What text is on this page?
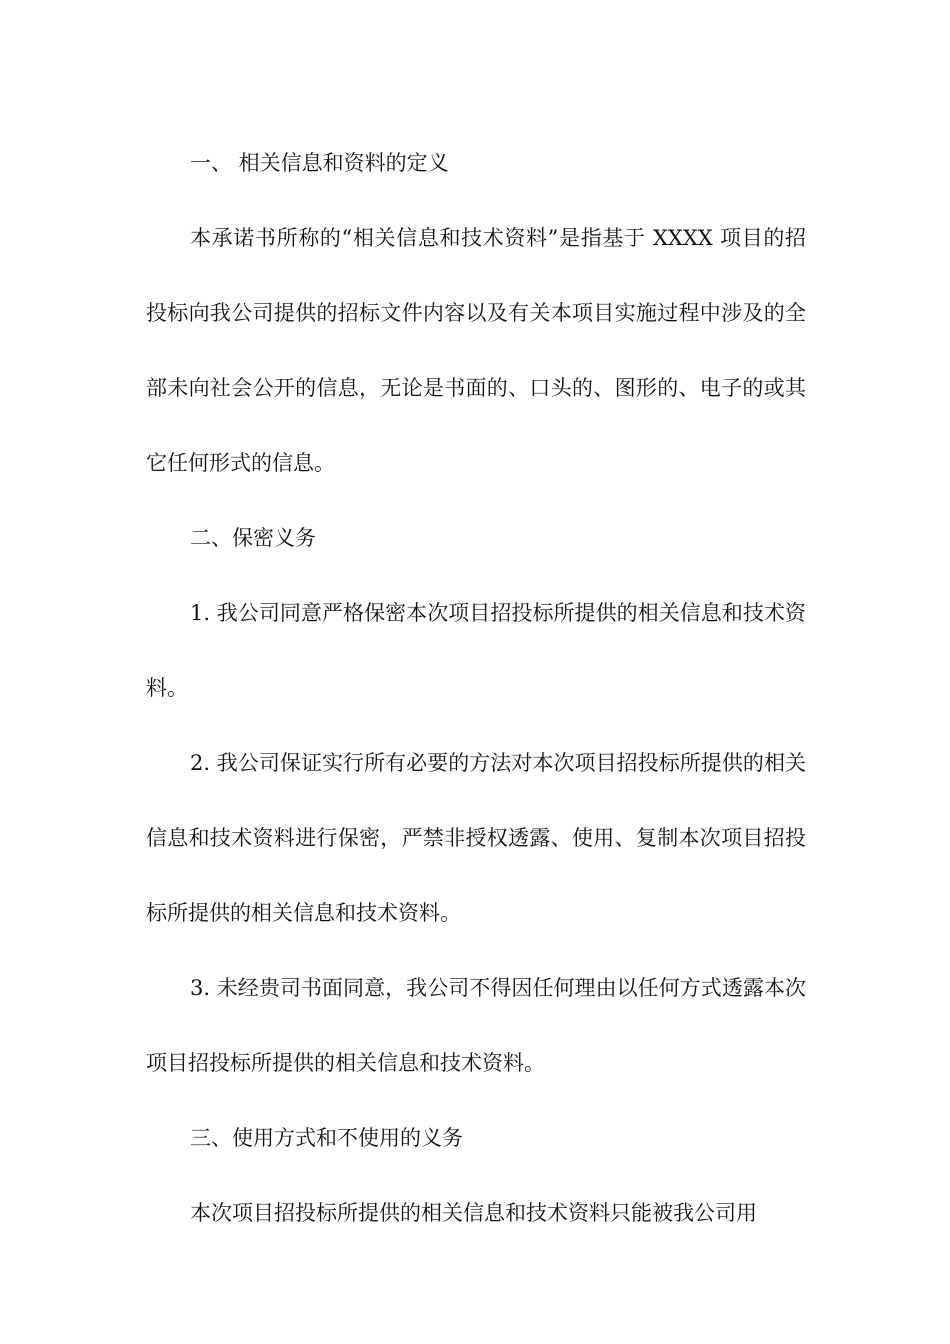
一、 相关信息和资料的定义

本承诺书所称的“相关信息和技术资料”是指基于 XXXX 项目的招投标向我公司提供的招标文件内容以及有关本项目实施过程中涉及的全部未向社会公开的信息，无论是书面的、口头的、图形的、电子的或其它任何形式的信息。

二、保密义务

1. 我公司同意严格保密本次项目招投标所提供的相关信息和技术资料。

2. 我公司保证实行所有必要的方法对本次项目招投标所提供的相关信息和技术资料进行保密，严禁非授权透露、使用、复制本次项目招投标所提供的相关信息和技术资料。

3. 未经贵司书面同意，我公司不得因任何理由以任何方式透露本次项目招投标所提供的相关信息和技术资料。

三、使用方式和不使用的义务

本次项目招投标所提供的相关信息和技术资料只能被我公司用
